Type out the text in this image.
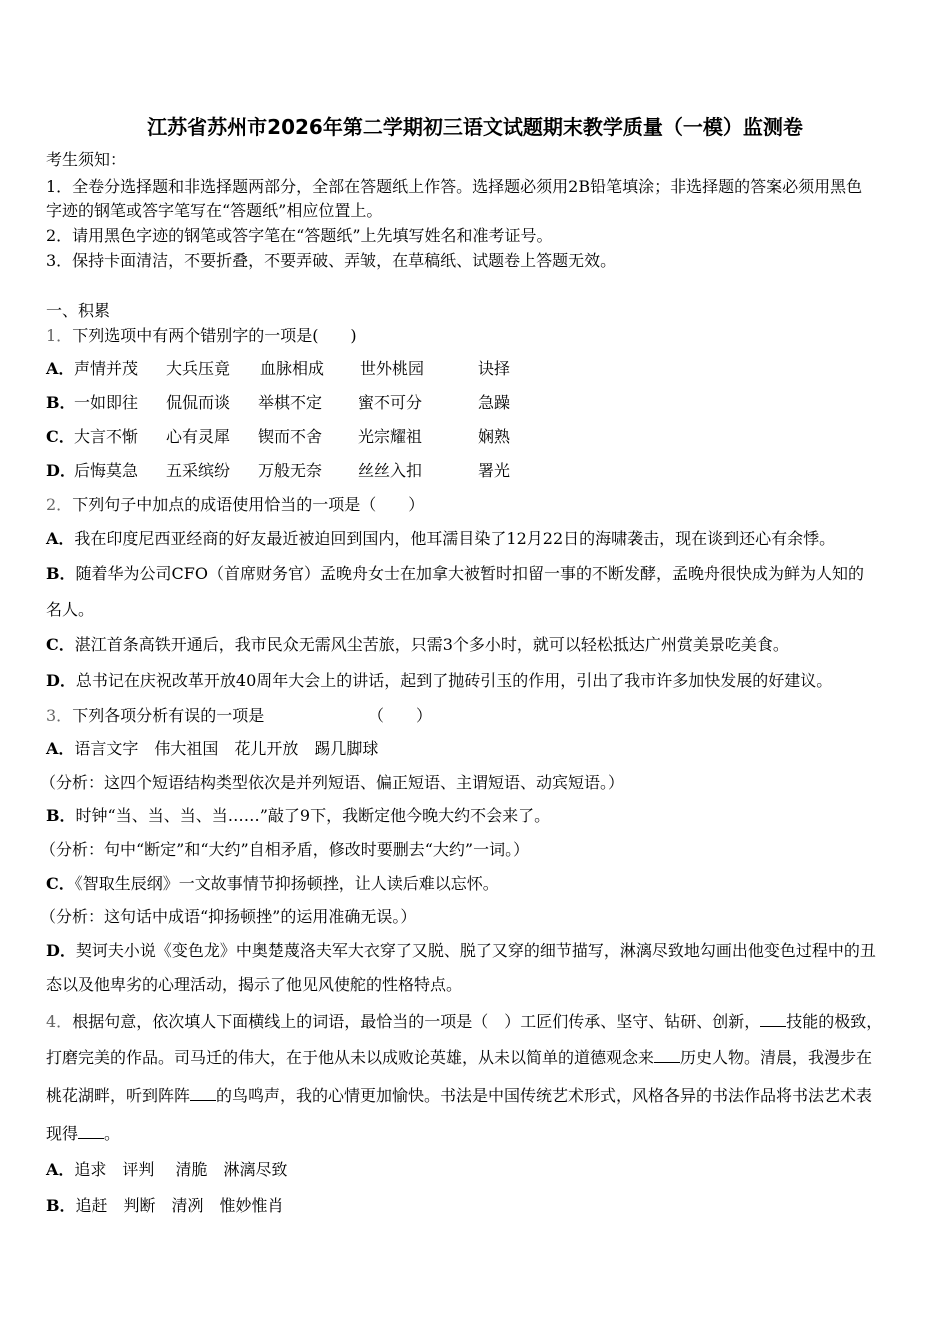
江苏省苏州市2026年第二学期初三语文试题期末教学质量（一模）监测卷
考生须知：
1．全卷分选择题和非选择题两部分，全部在答题纸上作答。选择题必须用2B铅笔填涂；非选择题的答案必须用黑色
字迹的钢笔或答字笔写在“答题纸”相应位置上。
2．请用黑色字迹的钢笔或答字笔在“答题纸”上先填写姓名和准考证号。
3．保持卡面清洁，不要折叠，不要弄破、弄皱，在草稿纸、试题卷上答题无效。
一、积累
1．下列选项中有两个错别字的一项是(　　)
A． 声情并茂 大兵压竟 血脉相成 世外桃园	诀择
B．
一如即往 侃侃而谈 举棋不定 蜜不可分	急躁
C． 大言不惭 心有灵犀 锲而不舍 光宗耀祖	娴熟
D．
后悔莫急 五采缤纷 万般无奈 丝丝入扣	署光
2．下列句子中加点的成语使用恰当的一项是（　　）
A．我在印度尼西亚经商的好友最近被迫回到国内，他耳濡目染了12月22日的海啸袭击，现在谈到还心有余悸。
B．随着华为公司CFO（首席财务官）孟晚舟女士在加拿大被暂时扣留一事的不断发酵，孟晚舟很快成为鲜为人知的
名人。
C．湛江首条高铁开通后，我市民众无需风尘苦旅，只需3个多小时，就可以轻松抵达广州赏美景吃美食。
D．总书记在庆祝改革开放40周年大会上的讲话，起到了抛砖引玉的作用，引出了我市许多加快发展的好建议。
3．下列各项分析有误的一项是	（　　）
A．语言文字　伟大祖国　花儿开放　踢几脚球
（分析：这四个短语结构类型依次是并列短语、偏正短语、主谓短语、动宾短语。）
B．时钟“当、当、当、当……”敲了9下，我断定他今晚大约不会来了。
（分析：句中“断定”和“大约”自相矛盾，修改时要删去“大约”一词。）
C．《智取生辰纲》一文故事情节抑扬顿挫，让人读后难以忘怀。
（分析：这句话中成语“抑扬顿挫”的运用准确无误。）
D．契诃夫小说《变色龙》中奥楚蔑洛夫军大衣穿了又脱、脱了又穿的细节描写，淋漓尽致地勾画出他变色过程中的丑
态以及他卑劣的心理活动，揭示了他见风使舵的性格特点。
4．根据句意，依次填人下面横线上的词语，最恰当的一项是（　）工匠们传承、坚守、钻研、创新， 技能的极致，
打磨完美的作品。司马迁的伟大，在于他从未以成败论英雄，从未以简单的道德观念来 历史人物。清晨，我漫步在
桃花湖畔，听到阵阵 的鸟鸣声，我的心情更加愉快。书法是中国传统艺术形式，风格各异的书法作品将书法艺术表
现得 。
A．追求　评判　 清脆　淋漓尽致
B．追赶　判断　清冽　惟妙惟肖
